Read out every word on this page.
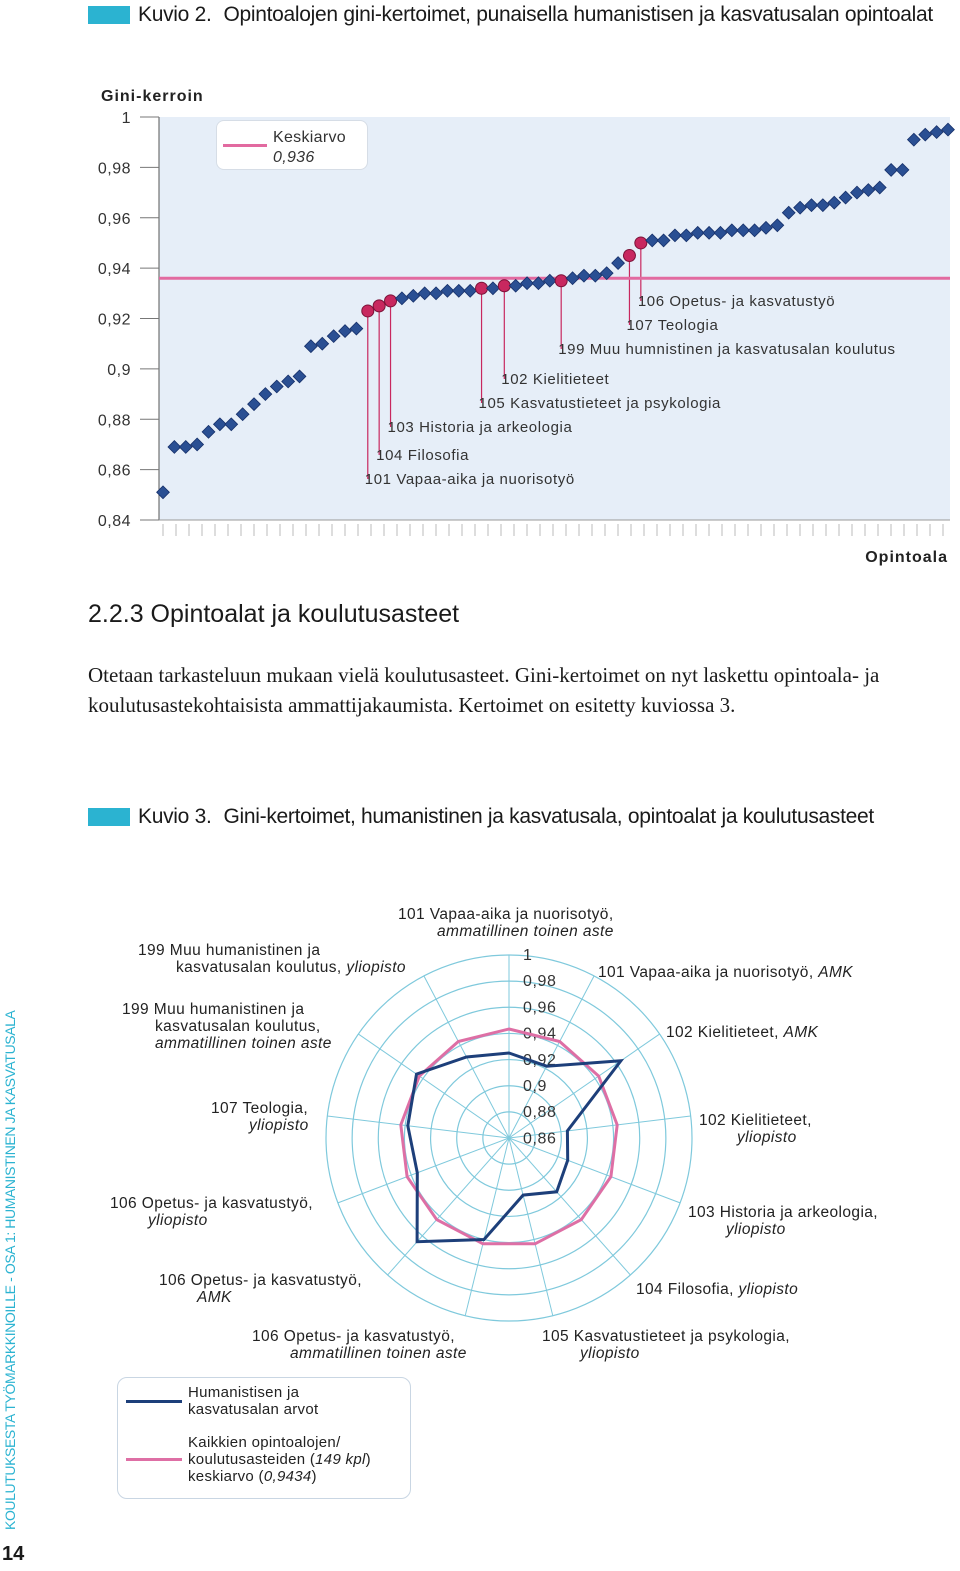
Kuvio 2. Opintoalojen gini-kertoimet, punaisella humanistisen ja kasvatusalan opintoalat
1
0,98
0,96
0,94
0,92
0,9
0,88
0,86
0,84
Gini-kerroin
Opintoala
106 Opetus- ja kasvatustyö
107 Teologia
199 Muu humnistinen ja kasvatusalan koulutus
102 Kielitieteet
105 Kasvatustieteet ja psykologia
103 Historia ja arkeologia
104 Filosofia
101 Vapaa-aika ja nuorisotyö
Keskiarvo
0,936
2.2.3 Opintoalat ja koulutusasteet
Otetaan tarkasteluun mukaan vielä koulutusasteet. Gini-kertoimet on nyt laskettu opintoala- ja koulutusastekohtaisista ammattijakaumista. Kertoimet on esitetty kuviossa 3.
Kuvio 3. Gini-kertoimet, humanistinen ja kasvatusala, opintoalat ja koulutusasteet
1
0,98
0,96
0,94
0,92
0,9
0,88
0,86
101 Vapaa-aika ja nuorisotyö,
ammatillinen toinen aste
101 Vapaa-aika ja nuorisotyö, AMK
102 Kielitieteet, AMK
102 Kielitieteet,
yliopisto
103 Historia ja arkeologia,
yliopisto
104 Filosofia, yliopisto
105 Kasvatustieteet ja psykologia,
yliopisto
106 Opetus- ja kasvatustyö,
ammatillinen toinen aste
106 Opetus- ja kasvatustyö,
AMK
106 Opetus- ja kasvatustyö,
yliopisto
107 Teologia,
yliopisto
199 Muu humanistinen ja
kasvatusalan koulutus,
ammatillinen toinen aste
199 Muu humanistinen ja
kasvatusalan koulutus, yliopisto
Humanistisen ja kasvatusalan arvot
Kaikkien opintoalojen/
koulutusasteiden (149 kpl)
keskiarvo (0,9434)
KOULUTUKSESTA TYÖMARKKINOILLE - OSA 1: HUMANISTINEN JA KASVATUSALA
14
